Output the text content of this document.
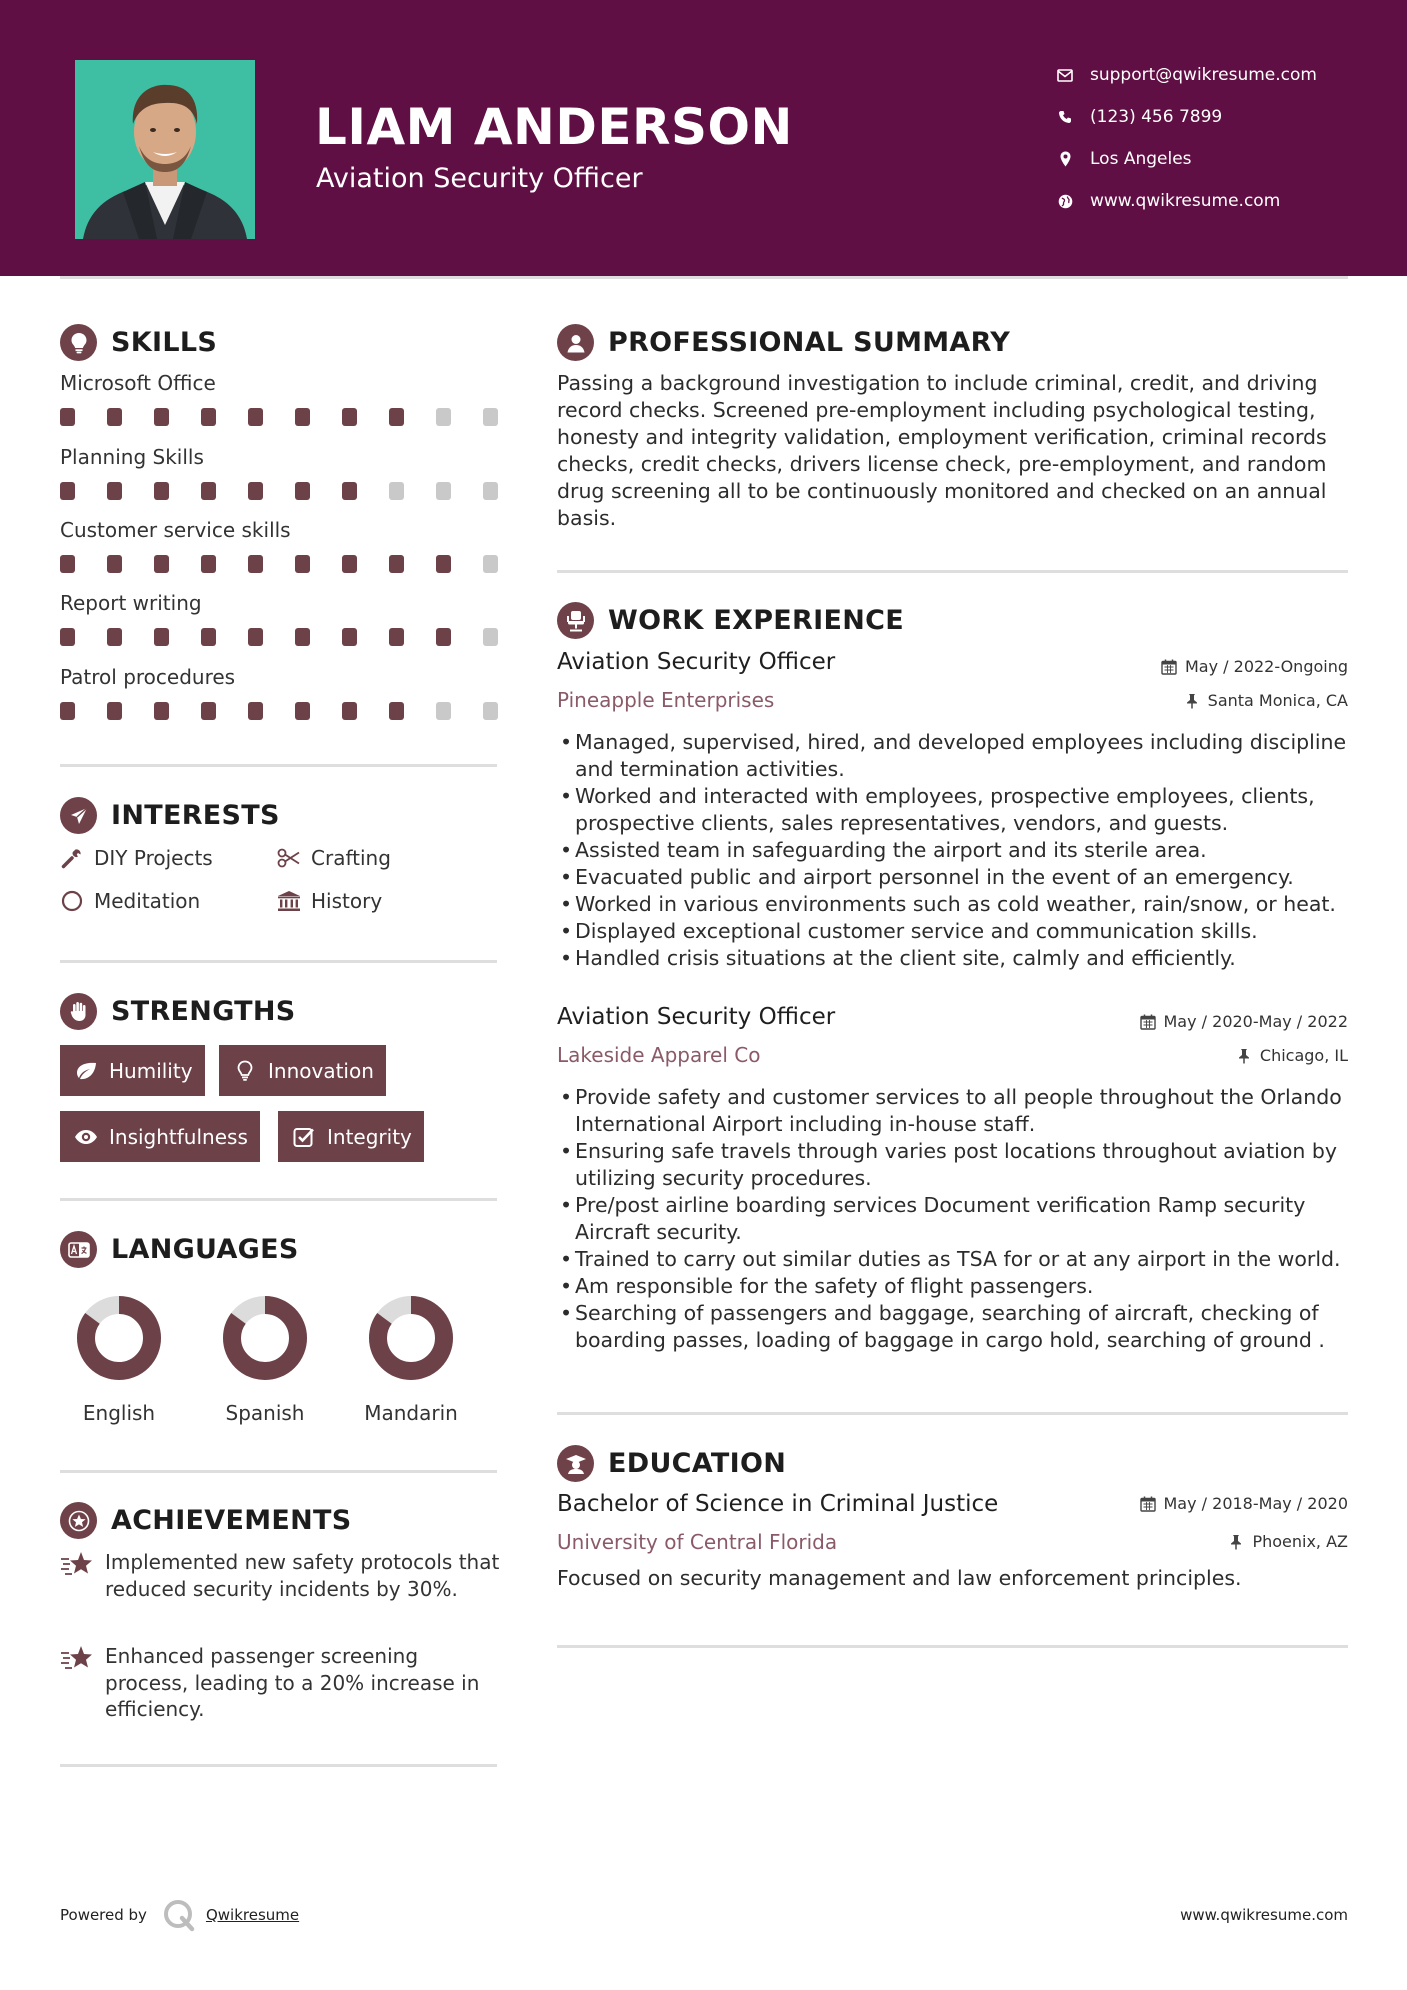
LIAM ANDERSON
Aviation Security Officer
support@qwikresume.com
(123) 456 7899
Los Angeles
www.qwikresume.com
SKILLS
Microsoft Office
Planning Skills
Customer service skills
Report writing
Patrol procedures
INTERESTS
DIY Projects	Crafting
Meditation	History
STRENGTHS
Humility	Innovation
Insightfulness	Integrity
LANGUAGES
English	Spanish	Mandarin
ACHIEVEMENTS
Implemented new safety protocols that reduced security incidents by 30%.
Enhanced passenger screening process, leading to a 20% increase in efficiency.
PROFESSIONAL SUMMARY
Passing a background investigation to include criminal, credit, and driving record checks. Screened pre-employment including psychological testing, honesty and integrity validation, employment verification, criminal records checks, credit checks, drivers license check, pre-employment, and random drug screening all to be continuously monitored and checked on an annual basis.
WORK EXPERIENCE
Aviation Security Officer	May / 2022-Ongoing
Pineapple Enterprises	Santa Monica, CA
• Managed, supervised, hired, and developed employees including discipline and termination activities.
• Worked and interacted with employees, prospective employees, clients, prospective clients, sales representatives, vendors, and guests.
• Assisted team in safeguarding the airport and its sterile area.
• Evacuated public and airport personnel in the event of an emergency.
• Worked in various environments such as cold weather, rain/snow, or heat.
• Displayed exceptional customer service and communication skills.
• Handled crisis situations at the client site, calmly and efficiently.
Aviation Security Officer	May / 2020-May / 2022
Lakeside Apparel Co	Chicago, IL
• Provide safety and customer services to all people throughout the Orlando International Airport including in-house staff.
• Ensuring safe travels through varies post locations throughout aviation by utilizing security procedures.
• Pre/post airline boarding services Document verification Ramp security Aircraft security.
• Trained to carry out similar duties as TSA for or at any airport in the world.
• Am responsible for the safety of flight passengers.
• Searching of passengers and baggage, searching of aircraft, checking of boarding passes, loading of baggage in cargo hold, searching of ground .
EDUCATION
Bachelor of Science in Criminal Justice	May / 2018-May / 2020
University of Central Florida	Phoenix, AZ
Focused on security management and law enforcement principles.
Powered by	Qwikresume	www.qwikresume.com
